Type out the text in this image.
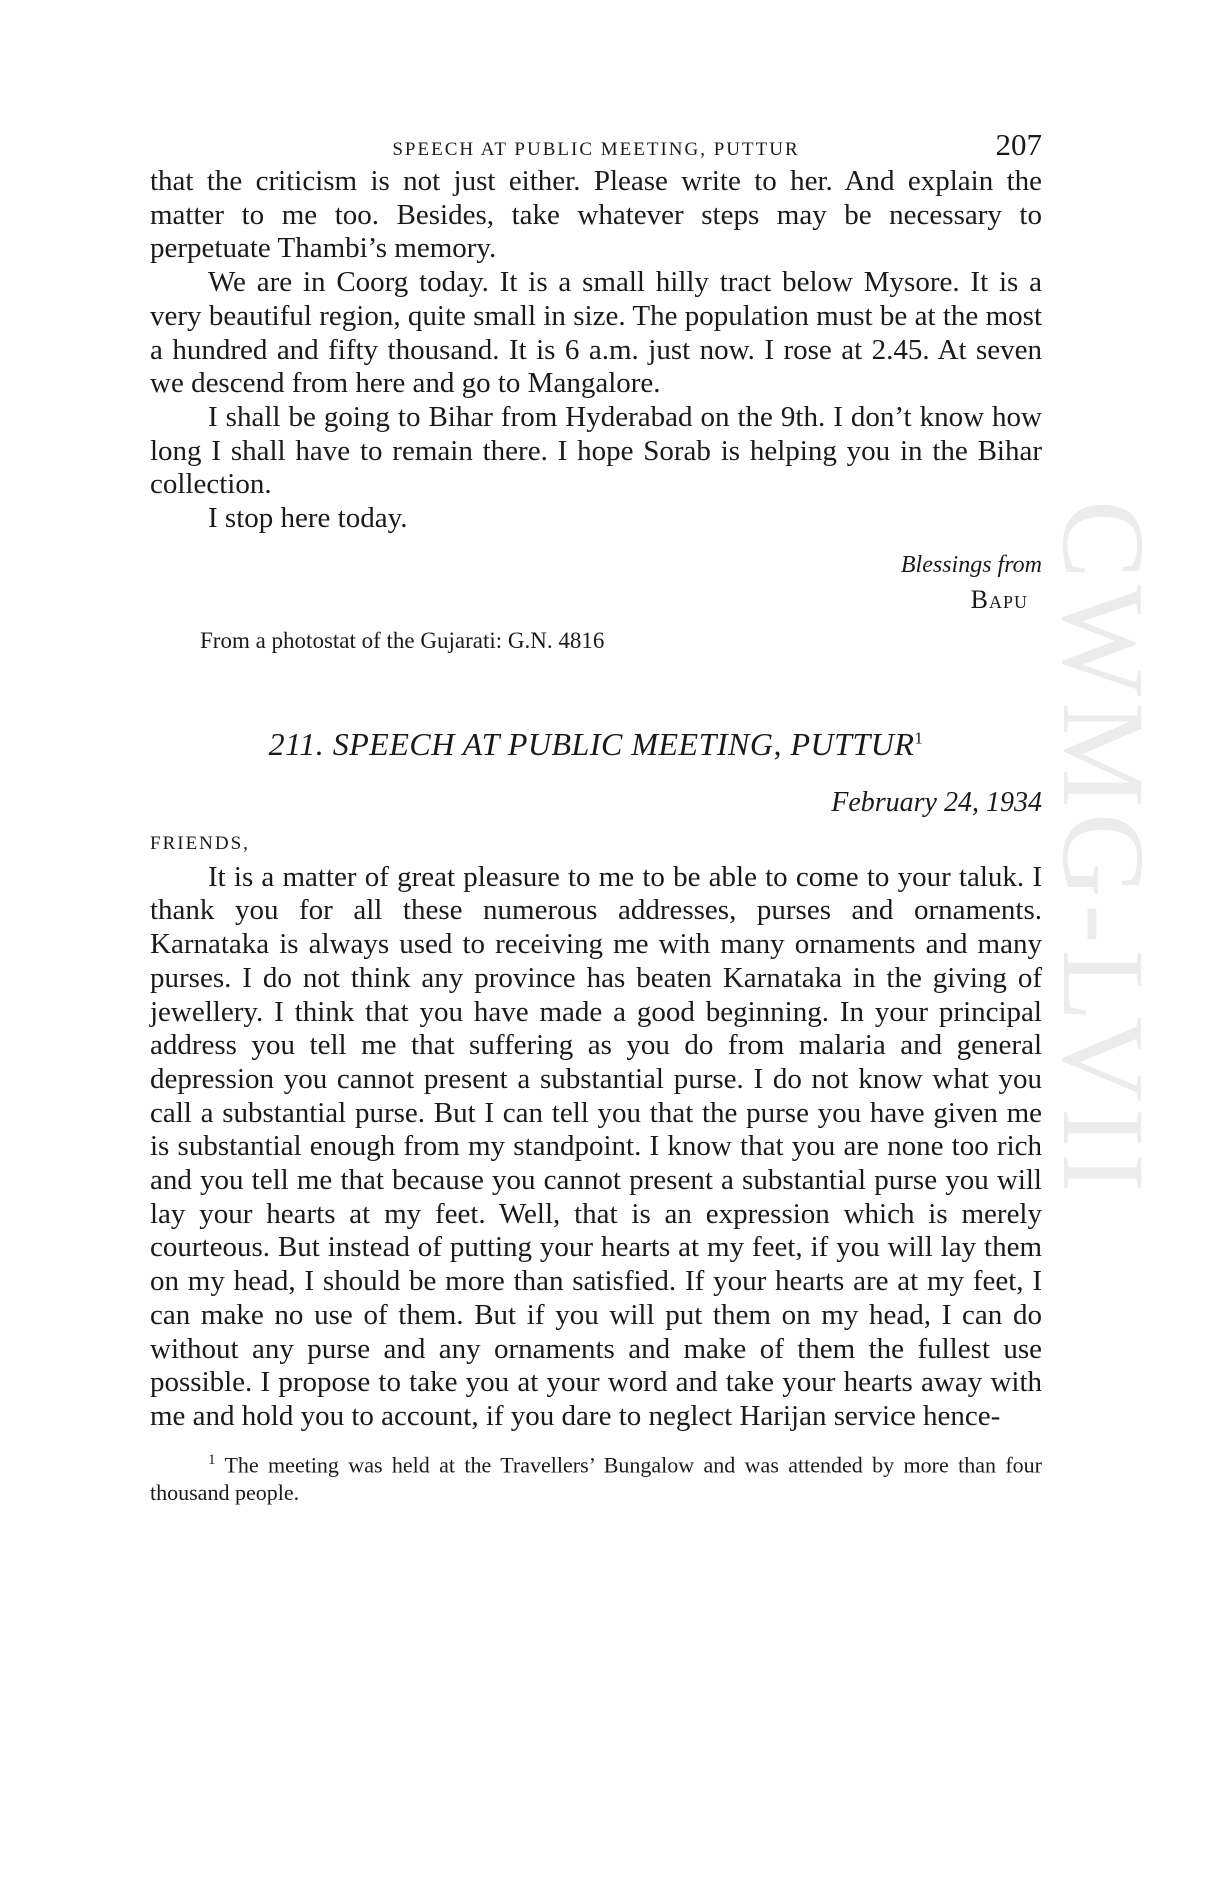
CWMG-LVII
SPEECH AT PUBLIC MEETING, PUTTUR	207

that the criticism is not just either. Please write to her. And explain the matter to me too. Besides, take whatever steps may be necessary to perpetuate Thambi’s memory.

We are in Coorg today. It is a small hilly tract below Mysore. It is a very beautiful region, quite small in size. The population must be at the most a hundred and fifty thousand. It is 6 a.m. just now. I rose at 2.45. At seven we descend from here and go to Mangalore.

I shall be going to Bihar from Hyderabad on the 9th. I don’t know how long I shall have to remain there. I hope Sorab is helping you in the Bihar collection.

I stop here today.

Blessings from
Bapu
From a photostat of the Gujarati: G.N. 4816
211. SPEECH AT PUBLIC MEETING, PUTTUR$^1$
February 24, 1934
FRIENDS,

It is a matter of great pleasure to me to be able to come to your taluk. I thank you for all these numerous addresses, purses and ornaments. Karnataka is always used to receiving me with many ornaments and many purses. I do not think any province has beaten Karnataka in the giving of jewellery. I think that you have made a good beginning. In your principal address you tell me that suffering as you do from malaria and general depression you cannot present a substantial purse. I do not know what you call a substantial purse. But I can tell you that the purse you have given me is substantial enough from my standpoint. I know that you are none too rich and you tell me that because you cannot present a substantial purse you will lay your hearts at my feet. Well, that is an expression which is merely courteous. But instead of putting your hearts at my feet, if you will lay them on my head, I should be more than satisfied. If your hearts are at my feet, I can make no use of them. But if you will put them on my head, I can do without any purse and any ornaments and make of them the fullest use possible. I propose to take you at your word and take your hearts away with me and hold you to account, if you dare to neglect Harijan service hence-

$^1$ The meeting was held at the Travellers’ Bungalow and was attended by more than four thousand people.
